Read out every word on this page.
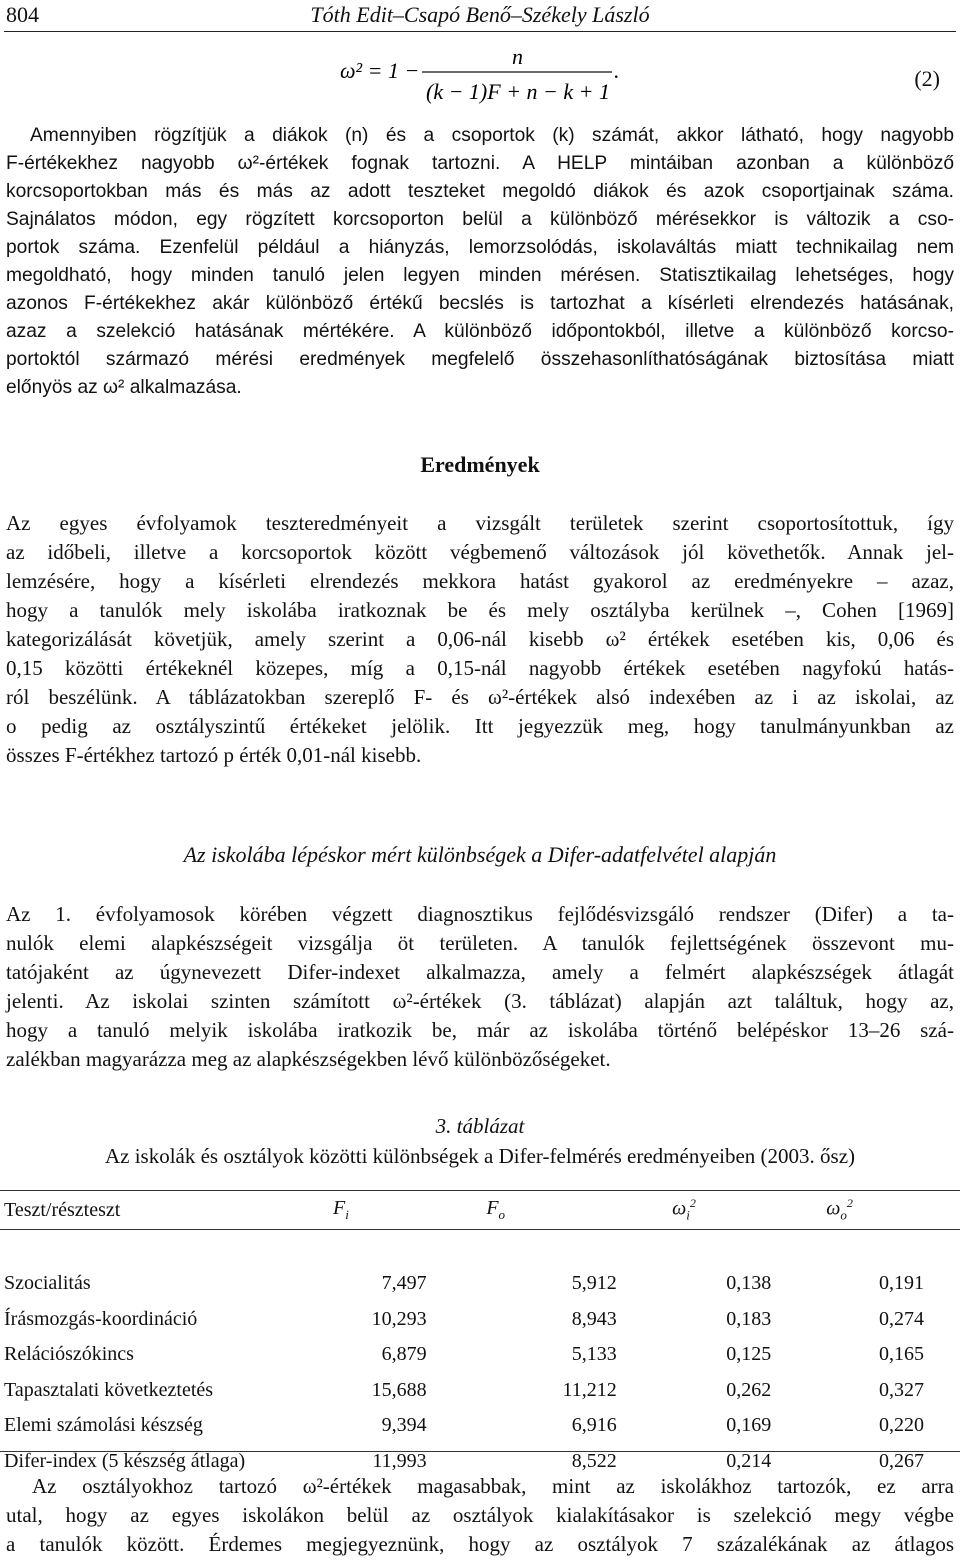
804	Tóth Edit–Csapó Benő–Székely László
ω² = 1 −
n
(k − 1)F + n − k + 1
.	(2)
Amennyiben rögzítjük a diákok (n) és a csoportok (k) számát, akkor látható, hogy nagyobb
F-értékekhez nagyobb ω²-értékek fognak tartozni. A HELP mintáiban azonban a különböző
korcsoportokban más és más az adott teszteket megoldó diákok és azok csoportjainak száma.
Sajnálatos módon, egy rögzített korcsoporton belül a különböző mérésekkor is változik a cso-
portok száma. Ezenfelül például a hiányzás, lemorzsolódás, iskolaváltás miatt technikailag nem
megoldható, hogy minden tanuló jelen legyen minden mérésen. Statisztikailag lehetséges, hogy
azonos F-értékekhez akár különböző értékű becslés is tartozhat a kísérleti elrendezés hatásának,
azaz a szelekció hatásának mértékére. A különböző időpontokból, illetve a különböző korcso-
portoktól származó mérési eredmények megfelelő összehasonlíthatóságának biztosítása miatt
előnyös az ω² alkalmazása.
Eredmények
Az egyes évfolyamok teszteredményeit a vizsgált területek szerint csoportosítottuk, így
az időbeli, illetve a korcsoportok között végbemenő változások jól követhetők. Annak jel-
lemzésére, hogy a kísérleti elrendezés mekkora hatást gyakorol az eredményekre – azaz,
hogy a tanulók mely iskolába iratkoznak be és mely osztályba kerülnek –, Cohen [1969]
kategorizálását követjük, amely szerint a 0,06-nál kisebb ω² értékek esetében kis, 0,06 és
0,15 közötti értékeknél közepes, míg a 0,15-nál nagyobb értékek esetében nagyfokú hatás-
ról beszélünk. A táblázatokban szereplő F- és ω²-értékek alsó indexében az i az iskolai, az
o pedig az osztályszintű értékeket jelölik. Itt jegyezzük meg, hogy tanulmányunkban az
összes F-értékhez tartozó p érték 0,01-nál kisebb.
Az iskolába lépéskor mért különbségek a Difer-adatfelvétel alapján
Az 1. évfolyamosok körében végzett diagnosztikus fejlődésvizsgáló rendszer (Difer) a ta-
nulók elemi alapkészségeit vizsgálja öt területen. A tanulók fejlettségének összevont mu-
tatójaként az úgynevezett Difer-indexet alkalmazza, amely a felmért alapkészségek átlagát
jelenti. Az iskolai szinten számított ω²-értékek (3. táblázat) alapján azt találtuk, hogy az,
hogy a tanuló melyik iskolába iratkozik be, már az iskolába történő belépéskor 13–26 szá-
zalékban magyarázza meg az alapkészségekben lévő különbözőségeket.
3. táblázat
Az iskolák és osztályok közötti különbségek a Difer-felmérés eredményeiben (2003. ősz)
Teszt/részteszt	$F_i$	$F_o$	$\omega_i^2$	$\omega_o^2$

Szocialitás	7,497	5,912	0,138	0,191
Írásmozgás-koordináció	10,293	8,943	0,183	0,274
Relációszókincs	6,879	5,133	0,125	0,165
Tapasztalati következtetés	15,688	11,212	0,262	0,327
Elemi számolási készség	9,394	6,916	0,169	0,220
Difer-index (5 készség átlaga)	11,993	8,522	0,214	0,267
Az osztályokhoz tartozó ω²-értékek magasabbak, mint az iskolákhoz tartozók, ez arra
utal, hogy az egyes iskolákon belül az osztályok kialakításakor is szelekció megy végbe
a tanulók között. Érdemes megjegyeznünk, hogy az osztályok 7 százalékának az átlagos
